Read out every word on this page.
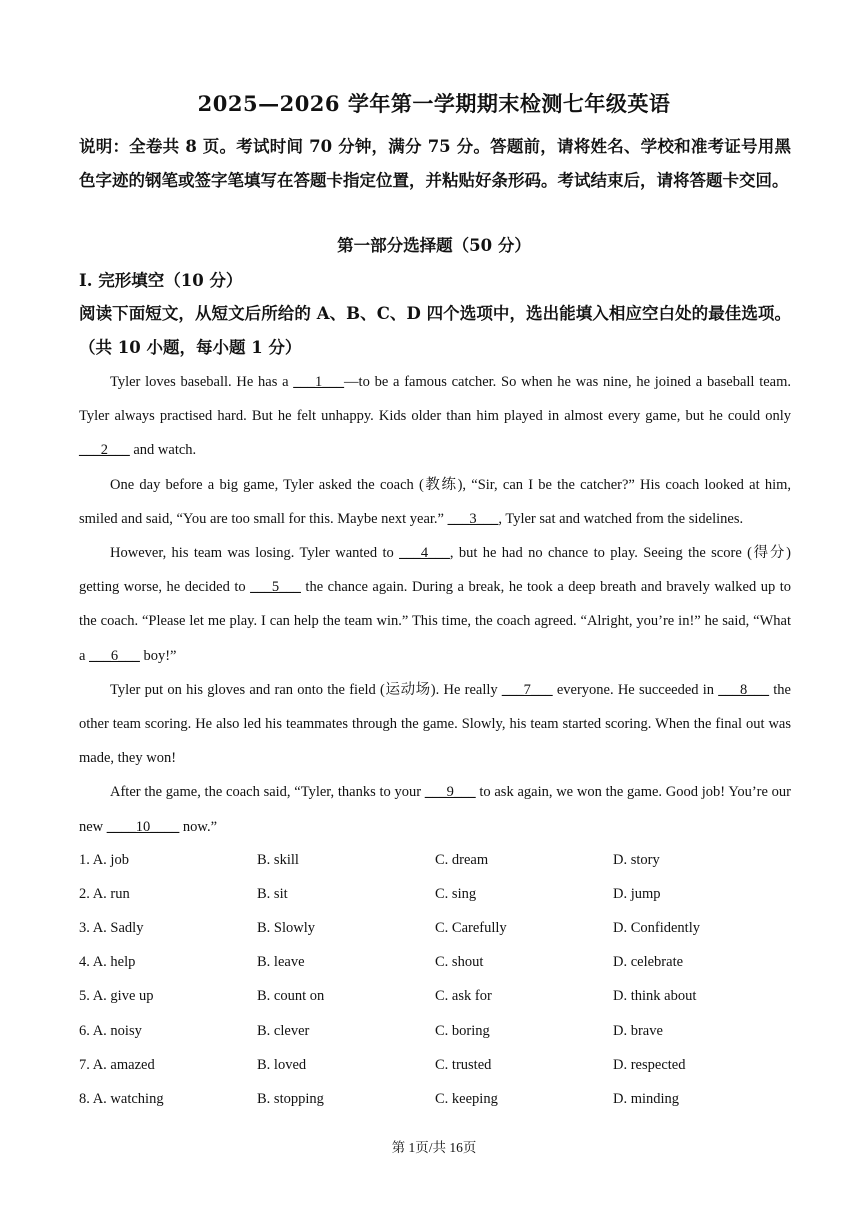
2025—2026 学年第一学期期末检测七年级英语
说明：全卷共 8 页。考试时间 70 分钟，满分 75 分。答题前，请将姓名、学校和准考证号用黑色字迹的钢笔或签字笔填写在答题卡指定位置，并粘贴好条形码。考试结束后，请将答题卡交回。
第一部分选择题（50 分）
I. 完形填空（10 分）
阅读下面短文，从短文后所给的 A、B、C、D 四个选项中，选出能填入相应空白处的最佳选项。（共 10 小题，每小题 1 分）

Tyler loves baseball. He has a ___1___—to be a famous catcher. So when he was nine, he joined a baseball team. Tyler always practised hard. But he felt unhappy. Kids older than him played in almost every game, but he could only ___2___ and watch.

One day before a big game, Tyler asked the coach (教练), “Sir, can I be the catcher?” His coach looked at him, smiled and said, “You are too small for this. Maybe next year.” ___3___, Tyler sat and watched from the sidelines.

However, his team was losing. Tyler wanted to ___4___, but he had no chance to play. Seeing the score (得分) getting worse, he decided to ___5___ the chance again. During a break, he took a deep breath and bravely walked up to the coach. “Please let me play. I can help the team win.” This time, the coach agreed. “Alright, you’re in!” he said, “What a ___6___ boy!”

Tyler put on his gloves and ran onto the field (运动场). He really ___7___ everyone. He succeeded in ___8___ the other team scoring. He also led his teammates through the game. Slowly, his team started scoring. When the final out was made, they won!

After the game, the coach said, “Tyler, thanks to your ___9___ to ask again, we won the game. Good job! You’re our new ____10____ now.”

1. A. job	B. skill	C. dream	D. story
2. A. run	B. sit	C. sing	D. jump
3. A. Sadly	B. Slowly	C. Carefully	D. Confidently
4. A. help	B. leave	C. shout	D. celebrate
5. A. give up	B. count on	C. ask for	D. think about
6. A. noisy	B. clever	C. boring	D. brave
7. A. amazed	B. loved	C. trusted	D. respected
8. A. watching	B. stopping	C. keeping	D. minding
第 1页/共 16页
